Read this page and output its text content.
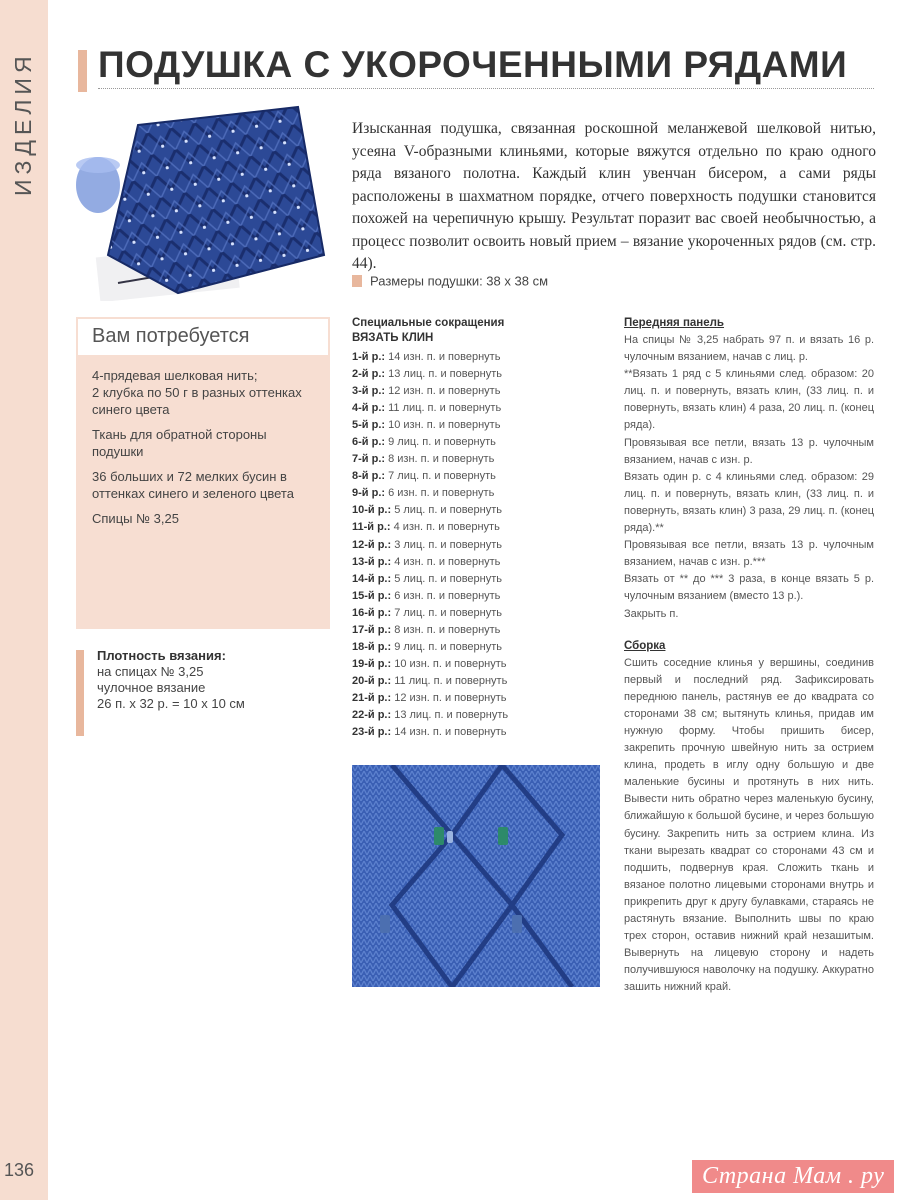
ИЗДЕЛИЯ ПОДУШКА С УКОРОЧЕННЫМИ РЯДАМИ

Изысканная подушка, связанная роскошной меланжевой шелковой нитью, усеяна V-образными клиньями, которые вяжутся отдельно по краю одного ряда вязаного полотна. Каждый клин увенчан бисером, а сами ряды расположены в шахматном порядке, отчего поверхность подушки становится похожей на черепичную крышу. Результат поразит вас своей необычностью, а процесс позволит освоить новый прием – вязание укороченных рядов (см. стр. 44).

Размеры подушки: 38 х 38 см
Вам потребуется

4-прядевая шелковая нить;
2 клубка по 50 г в разных оттенках синего цвета

Ткань для обратной стороны подушки

36 больших и 72 мелких бусин в оттенках синего и зеленого цвета

Спицы № 3,25

Плотность вязания:

на спицах № 3,25

чулочное вязание

26 п. х 32 р. = 10 х 10 см

Специальные сокращения
ВЯЗАТЬ КЛИН
1-й р.: 14 изн. п. и повернуть
2-й р.: 13 лиц. п. и повернуть
3-й р.: 12 изн. п. и повернуть
4-й р.: 11 лиц. п. и повернуть
5-й р.: 10 изн. п. и повернуть
6-й р.: 9 лиц. п. и повернуть
7-й р.: 8 изн. п. и повернуть
8-й р.: 7 лиц. п. и повернуть
9-й р.: 6 изн. п. и повернуть
10-й р.: 5 лиц. п. и повернуть
11-й р.: 4 изн. п. и повернуть
12-й р.: 3 лиц. п. и повернуть
13-й р.: 4 изн. п. и повернуть
14-й р.: 5 лиц. п. и повернуть
15-й р.: 6 изн. п. и повернуть
16-й р.: 7 лиц. п. и повернуть
17-й р.: 8 изн. п. и повернуть
18-й р.: 9 лиц. п. и повернуть
19-й р.: 10 изн. п. и повернуть
20-й р.: 11 лиц. п. и повернуть
21-й р.: 12 изн. п. и повернуть
22-й р.: 13 лиц. п. и повернуть
23-й р.: 14 изн. п. и повернуть

Передняя панель

На спицы № 3,25 набрать 97 п. и вязать 16 р. чулочным вязанием, начав с лиц. р.

**Вязать 1 ряд с 5 клиньями след. образом: 20 лиц. п. и повернуть, вязать клин, (33 лиц. п. и повернуть, вязать клин) 4 раза, 20 лиц. п. (конец ряда).

Провязывая все петли, вязать 13 р. чулочным вязанием, начав с изн. р.

Вязать один р. с 4 клиньями след. образом: 29 лиц. п. и повернуть, вязать клин, (33 лиц. п. и повернуть, вязать клин) 3 раза, 29 лиц. п. (конец ряда).**

Провязывая все петли, вязать 13 р. чулочным вязанием, начав с изн. р.***

Вязать от ** до *** 3 раза, в конце вязать 5 р. чулочным вязанием (вместо 13 р.).

Закрыть п.

Сборка

Сшить соседние клинья у вершины, соединив первый и последний ряд. Зафиксировать переднюю панель, растянув ее до квадрата со сторонами 38 см; вытянуть клинья, придав им нужную форму. Чтобы пришить бисер, закрепить прочную швейную нить за острием клина, продеть в иглу одну большую и две маленькие бусины и протянуть в них нить. Вывести нить обратно через маленькую бусину, ближайшую к большой бусине, и через большую бусину. Закрепить нить за острием клина. Из ткани вырезать квадрат со сторонами 43 см и подшить, подвернув края. Сложить ткань и вязаное полотно лицевыми сторонами внутрь и прикрепить друг к другу булавками, стараясь не растянуть вязание. Выполнить швы по краю трех сторон, оставив нижний край незашитым. Вывернуть на лицевую сторону и надеть получившуюся наволочку на подушку. Аккуратно зашить нижний край.

136	Страна Мам . ру
